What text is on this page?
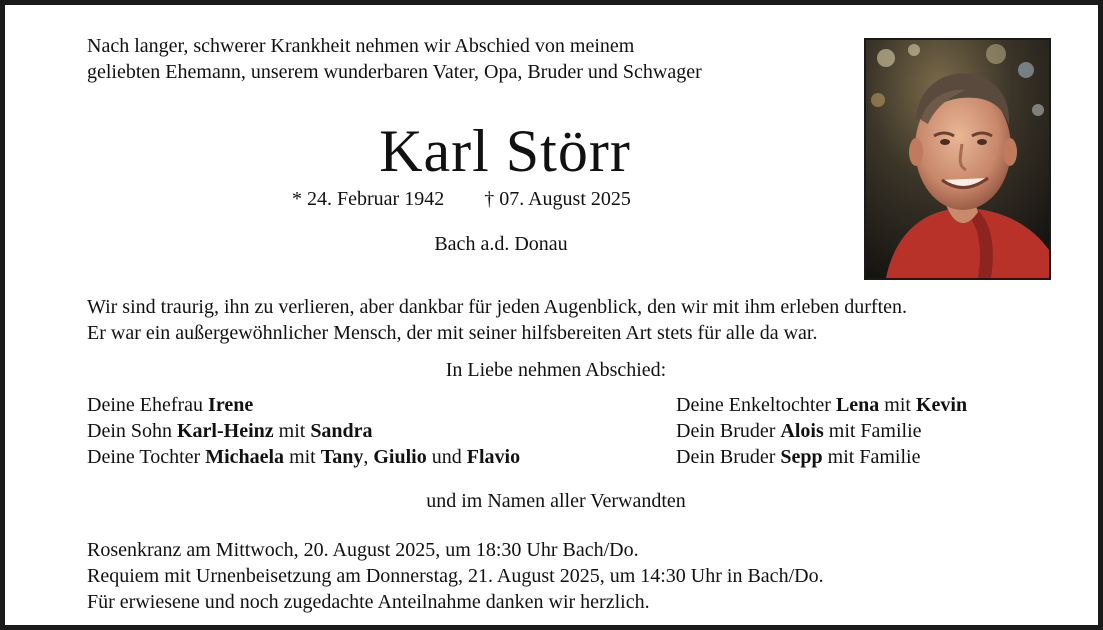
Nach langer, schwerer Krankheit nehmen wir Abschied von meinem
geliebten Ehemann, unserem wunderbaren Vater, Opa, Bruder und Schwager
Karl Störr
* 24. Februar 1942 † 07. August 2025
Bach a.d. Donau
Wir sind traurig, ihn zu verlieren, aber dankbar für jeden Augenblick, den wir mit ihm erleben durften.
Er war ein außergewöhnlicher Mensch, der mit seiner hilfsbereiten Art stets für alle da war.
In Liebe nehmen Abschied:
Deine Ehefrau Irene
Dein Sohn Karl-Heinz mit Sandra
Deine Tochter Michaela mit Tany, Giulio und Flavio
Deine Enkeltochter Lena mit Kevin
Dein Bruder Alois mit Familie
Dein Bruder Sepp mit Familie
und im Namen aller Verwandten
Rosenkranz am Mittwoch, 20. August 2025, um 18:30 Uhr Bach/Do.
Requiem mit Urnenbeisetzung am Donnerstag, 21. August 2025, um 14:30 Uhr in Bach/Do.
Für erwiesene und noch zugedachte Anteilnahme danken wir herzlich.
